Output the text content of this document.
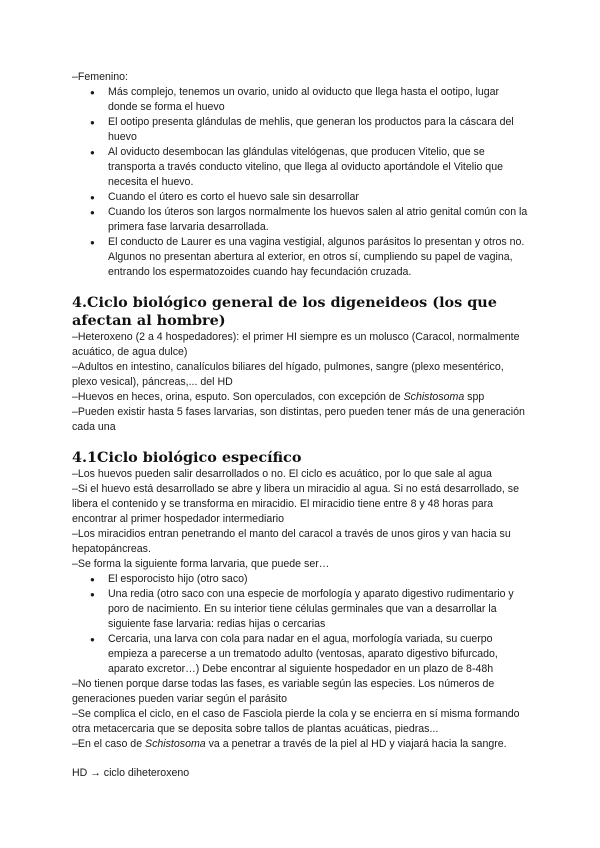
–Femenino:

● Más complejo, tenemos un ovario, unido al oviducto que llega hasta el ootipo, lugar donde se forma el huevo
● El ootipo presenta glándulas de mehlis, que generan los productos para la cáscara del huevo
● Al oviducto desembocan las glándulas vitelógenas, que producen Vitelio, que se transporta a través conducto vitelino, que llega al oviducto aportándole el Vitelio que necesita el huevo.
● Cuando el útero es corto el huevo sale sin desarrollar
● Cuando los úteros son largos normalmente los huevos salen al atrio genital común con la primera fase larvaria desarrollada.
● El conducto de Laurer es una vagina vestigial, algunos parásitos lo presentan y otros no. Algunos no presentan abertura al exterior, en otros sí, cumpliendo su papel de vagina, entrando los espermatozoides cuando hay fecundación cruzada.
4.Ciclo biológico general de los digeneideos (los que afectan al hombre)

–Heteroxeno (2 a 4 hospedadores): el primer HI siempre es un molusco (Caracol, normalmente acuático, de agua dulce)

–Adultos en intestino, canalículos biliares del hígado, pulmones, sangre (plexo mesentérico, plexo vesical), páncreas,... del HD

–Huevos en heces, orina, esputo. Son operculados, con excepción de Schistosoma spp

–Pueden existir hasta 5 fases larvarias, son distintas, pero pueden tener más de una generación cada una

4.1Ciclo biológico específico

–Los huevos pueden salir desarrollados o no. El ciclo es acuático, por lo que sale al agua

–Si el huevo está desarrollado se abre y libera un miracidio al agua. Si no está desarrollado, se libera el contenido y se transforma en miracidio. El miracidio tiene entre 8 y 48 horas para encontrar al primer hospedador intermediario

–Los miracidios entran penetrando el manto del caracol a través de unos giros y van hacia su hepatopáncreas.

–Se forma la siguiente forma larvaria, que puede ser…

● El esporocisto hijo (otro saco)
● Una redia (otro saco con una especie de morfología y aparato digestivo rudimentario y poro de nacimiento. En su interior tiene células germinales que van a desarrollar la siguiente fase larvaria: redias hijas o cercarias
● Cercaria, una larva con cola para nadar en el agua, morfología variada, su cuerpo empieza a parecerse a un trematodo adulto (ventosas, aparato digestivo bifurcado, aparato excretor…) Debe encontrar al siguiente hospedador en un plazo de 8-48h

–No tienen porque darse todas las fases, es variable según las especies. Los números de generaciones pueden variar según el parásito

–Se complica el ciclo, en el caso de Fasciola pierde la cola y se encierra en sí misma formando otra metacercaria que se deposita sobre tallos de plantas acuáticas, piedras...

–En el caso de Schistosoma va a penetrar a través de la piel al HD y viajará hacia la sangre.

HD → ciclo diheteroxeno
